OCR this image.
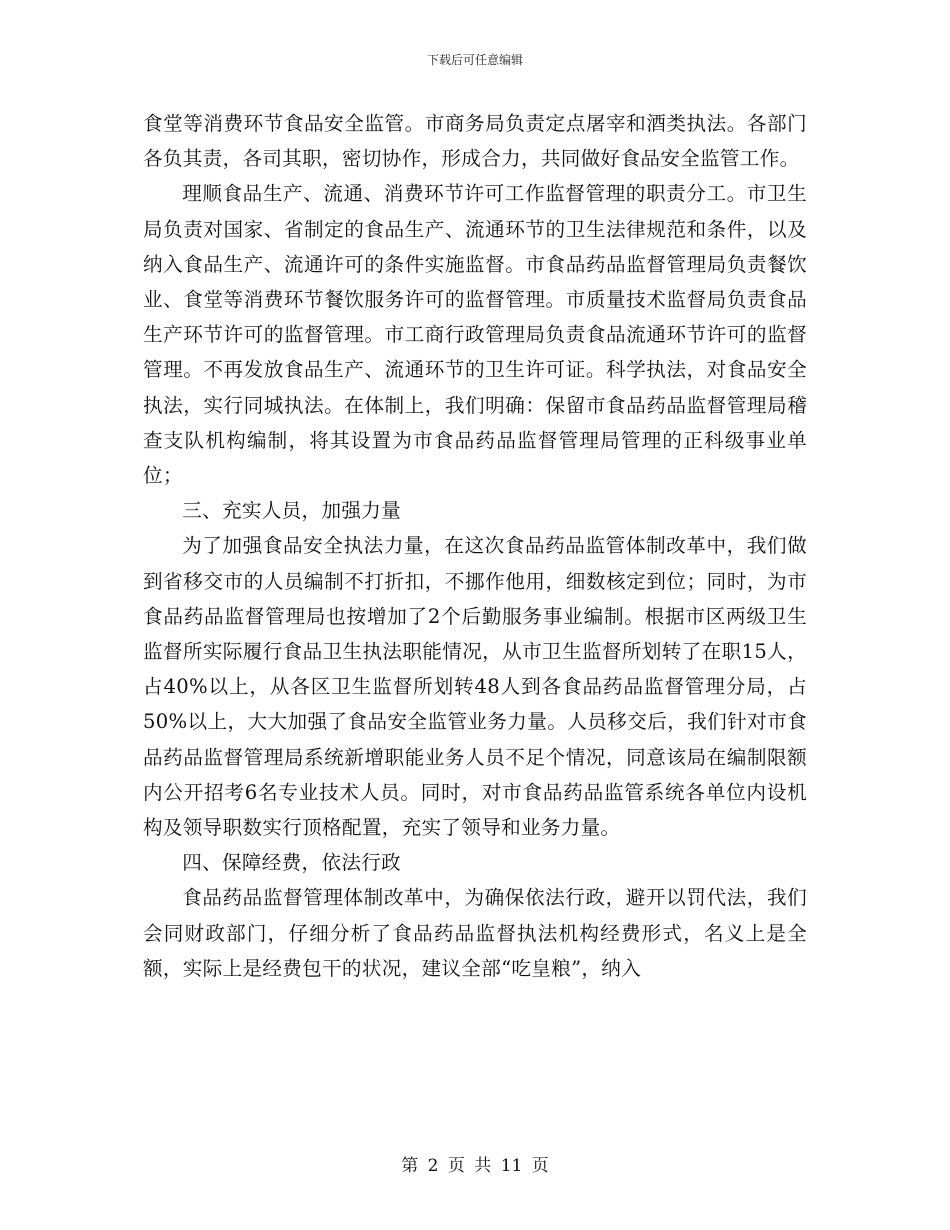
下载后可任意编辑

食堂等消费环节食品安全监管。市商务局负责定点屠宰和酒类执法。各部门各负其责，各司其职，密切协作，形成合力，共同做好食品安全监管工作。

理顺食品生产、流通、消费环节许可工作监督管理的职责分工。市卫生局负责对国家、省制定的食品生产、流通环节的卫生法律规范和条件，以及纳入食品生产、流通许可的条件实施监督。市食品药品监督管理局负责餐饮业、食堂等消费环节餐饮服务许可的监督管理。市质量技术监督局负责食品生产环节许可的监督管理。市工商行政管理局负责食品流通环节许可的监督管理。不再发放食品生产、流通环节的卫生许可证。科学执法，对食品安全执法，实行同城执法。在体制上，我们明确：保留市食品药品监督管理局稽查支队机构编制，将其设置为市食品药品监督管理局管理的正科级事业单位；

三、充实人员，加强力量

为了加强食品安全执法力量，在这次食品药品监管体制改革中，我们做到省移交市的人员编制不打折扣，不挪作他用，细数核定到位；同时，为市食品药品监督管理局也按增加了2个后勤服务事业编制。根据市区两级卫生监督所实际履行食品卫生执法职能情况，从市卫生监督所划转了在职15人，占40%以上，从各区卫生监督所划转48人到各食品药品监督管理分局，占50%以上，大大加强了食品安全监管业务力量。人员移交后，我们针对市食品药品监督管理局系统新增职能业务人员不足个情况，同意该局在编制限额内公开招考6名专业技术人员。同时，对市食品药品监管系统各单位内设机构及领导职数实行顶格配置，充实了领导和业务力量。

四、保障经费，依法行政

食品药品监督管理体制改革中，为确保依法行政，避开以罚代法，我们会同财政部门，仔细分析了食品药品监督执法机构经费形式，名义上是全额，实际上是经费包干的状况，建议全部“吃皇粮”，纳入

第 2 页 共 11 页
